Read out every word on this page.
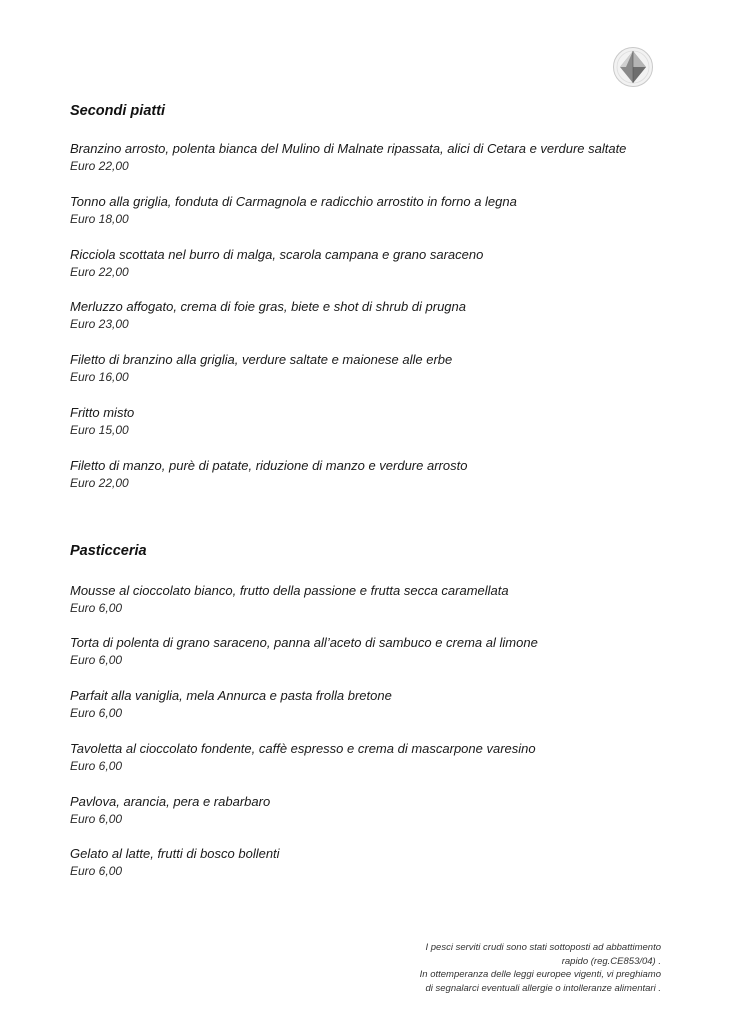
Secondi piatti
Branzino arrosto, polenta bianca del Mulino di Malnate ripassata, alici di Cetara e verdure saltate
Euro 22,00
Tonno alla griglia, fonduta di Carmagnola e radicchio arrostito in forno a legna
Euro 18,00
Ricciola scottata nel burro di malga, scarola campana e grano saraceno
Euro 22,00
Merluzzo affogato, crema di foie gras, biete e shot di shrub di prugna
Euro 23,00
Filetto di branzino alla griglia, verdure saltate e maionese alle erbe
Euro 16,00
Fritto misto
Euro 15,00
Filetto di manzo, purè di patate, riduzione di manzo e verdure arrosto
Euro 22,00
Pasticceria
Mousse al cioccolato bianco, frutto della passione e frutta secca caramellata
Euro 6,00
Torta di polenta di grano saraceno, panna all’aceto di sambuco e crema al limone
Euro 6,00
Parfait alla vaniglia, mela Annurca e pasta frolla bretone
Euro 6,00
Tavoletta al cioccolato fondente, caffè espresso e crema di mascarpone varesino
Euro 6,00
Pavlova, arancia, pera e rabarbaro
Euro 6,00
Gelato al latte, frutti di bosco bollenti
Euro 6,00
I pesci serviti crudi sono stati sottoposti ad abbattimento
rapido (reg.CE853/04) .
In ottemperanza delle leggi europee vigenti, vi preghiamo
di segnalarci eventuali allergie o intolleranze alimentari .
